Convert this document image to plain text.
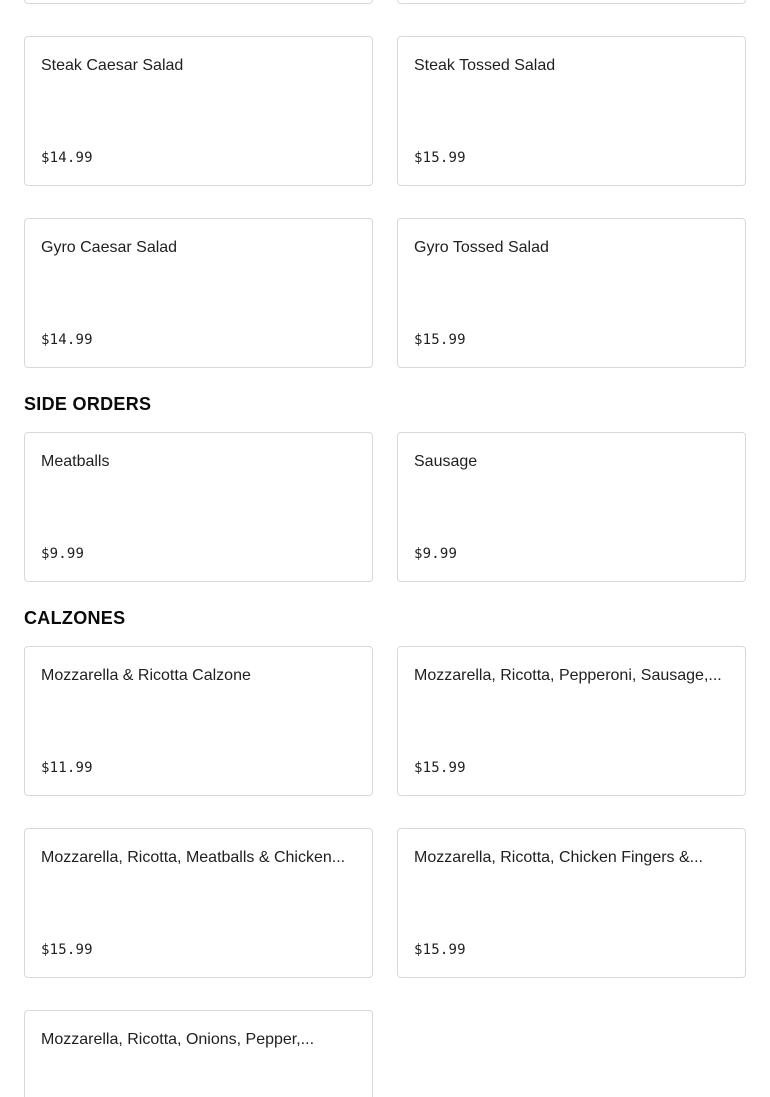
Steak Caesar Salad
$14.99
Steak Tossed Salad
$15.99
Gyro Caesar Salad
$14.99
Gyro Tossed Salad
$15.99
SIDE ORDERS
Meatballs
$9.99
Sausage
$9.99
CALZONES
Mozzarella & Ricotta Calzone
$11.99
Mozzarella, Ricotta, Pepperoni, Sausage,...
$15.99
Mozzarella, Ricotta, Meatballs & Chicken...
$15.99
Mozzarella, Ricotta, Chicken Fingers &...
$15.99
Mozzarella, Ricotta, Onions, Pepper,...
